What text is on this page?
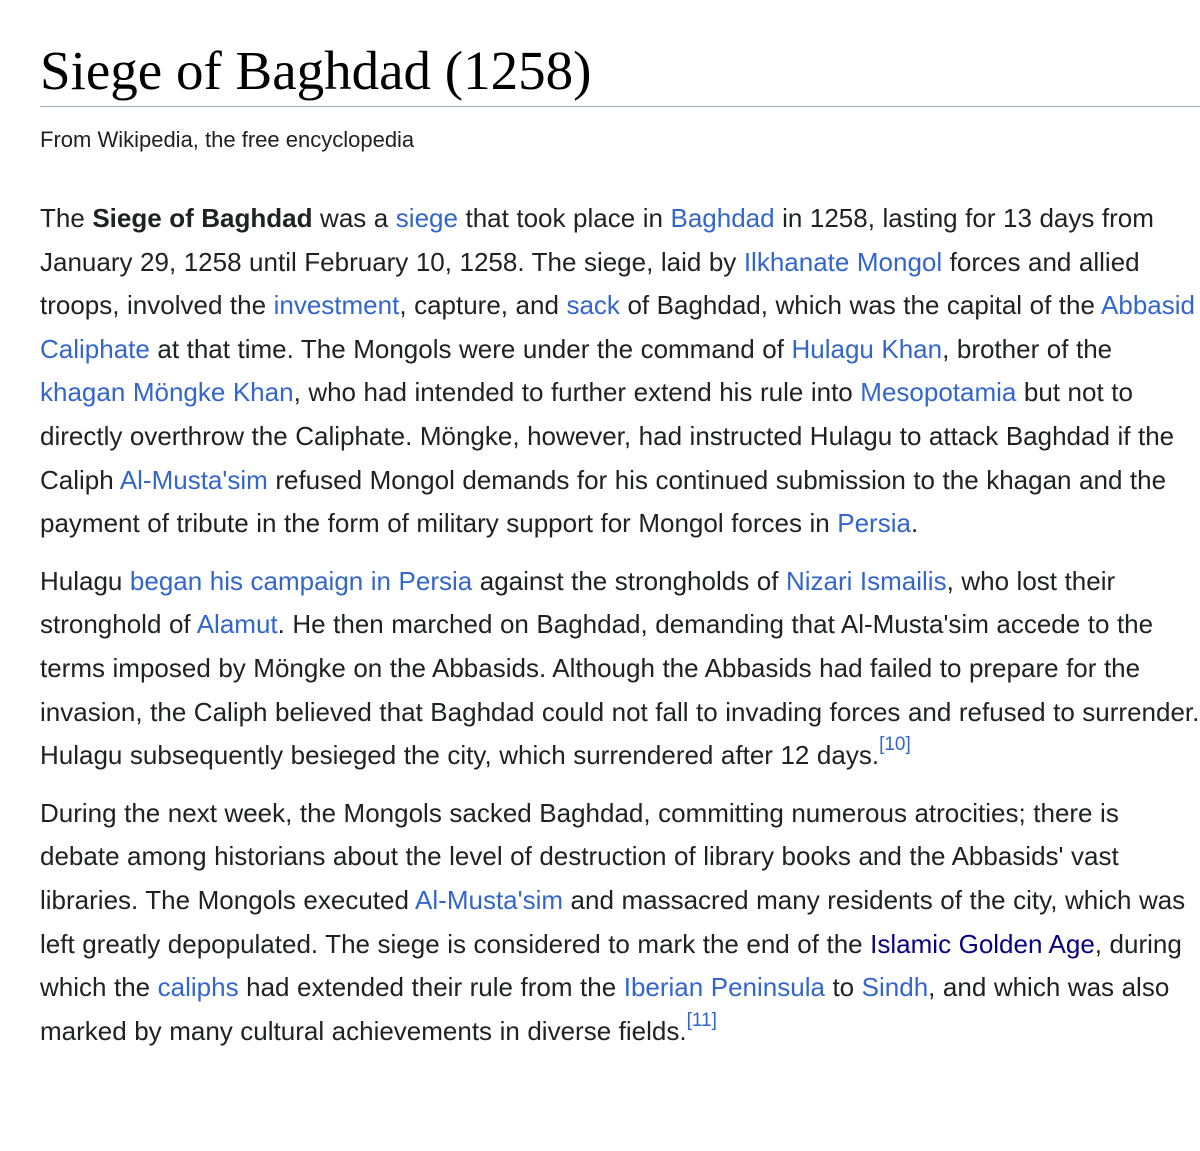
Siege of Baghdad (1258)
From Wikipedia, the free encyclopedia

The Siege of Baghdad was a siege that took place in Baghdad in 1258, lasting for 13 days from January 29, 1258 until February 10, 1258. The siege, laid by Ilkhanate Mongol forces and allied troops, involved the investment, capture, and sack of Baghdad, which was the capital of the Abbasid Caliphate at that time. The Mongols were under the command of Hulagu Khan, brother of the khagan Möngke Khan, who had intended to further extend his rule into Mesopotamia but not to directly overthrow the Caliphate. Möngke, however, had instructed Hulagu to attack Baghdad if the Caliph Al-Musta'sim refused Mongol demands for his continued submission to the khagan and the payment of tribute in the form of military support for Mongol forces in Persia.

Hulagu began his campaign in Persia against the strongholds of Nizari Ismailis, who lost their stronghold of Alamut. He then marched on Baghdad, demanding that Al-Musta'sim accede to the terms imposed by Möngke on the Abbasids. Although the Abbasids had failed to prepare for the invasion, the Caliph believed that Baghdad could not fall to invading forces and refused to surrender. Hulagu subsequently besieged the city, which surrendered after 12 days.[10]

During the next week, the Mongols sacked Baghdad, committing numerous atrocities; there is debate among historians about the level of destruction of library books and the Abbasids' vast libraries. The Mongols executed Al-Musta'sim and massacred many residents of the city, which was left greatly depopulated. The siege is considered to mark the end of the Islamic Golden Age, during which the caliphs had extended their rule from the Iberian Peninsula to Sindh, and which was also marked by many cultural achievements in diverse fields.[11]
